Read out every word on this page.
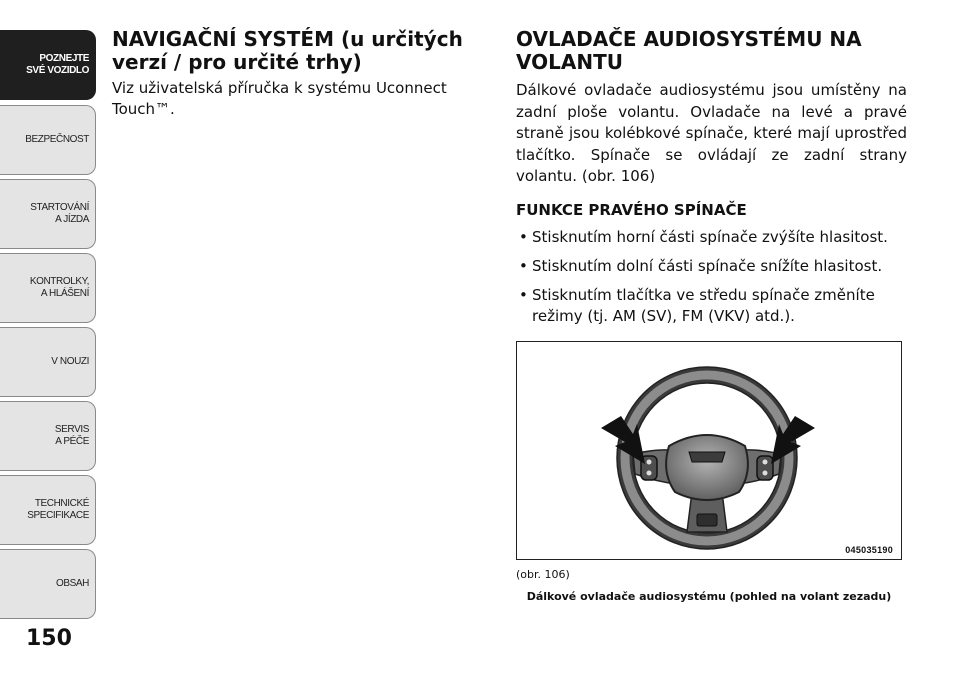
POZNEJTE
SVÉ VOZIDLO
BEZPEČNOST
STARTOVÁNÍ
A JÍZDA
KONTROLKY,
A HLÁŠENÍ
V NOUZI
SERVIS
A PÉČE
TECHNICKÉ
SPECIFIKACE
OBSAH
150
NAVIGAČNÍ SYSTÉM (u určitých verzí / pro určité trhy)

Viz uživatelská příručka k systému Uconnect Touch™.

OVLADAČE AUDIOSYSTÉMU NA VOLANTU

Dálkové ovladače audiosystému jsou umístěny na zadní ploše volantu. Ovladače na levé a pravé straně jsou kolébkové spínače, které mají uprostřed tlačítko. Spínače se ovládají ze zadní strany volantu. (obr. 106)

FUNKCE PRAVÉHO SPÍNAČE
• Stisknutím horní části spínače zvýšíte hlasitost.
• Stisknutím dolní části spínače snížíte hlasitost.
• Stisknutím tlačítka ve středu spínače změníte režimy (tj. AM (SV), FM (VKV) atd.).
045035190
(obr. 106)
Dálkové ovladače audiosystému (pohled na volant zezadu)
